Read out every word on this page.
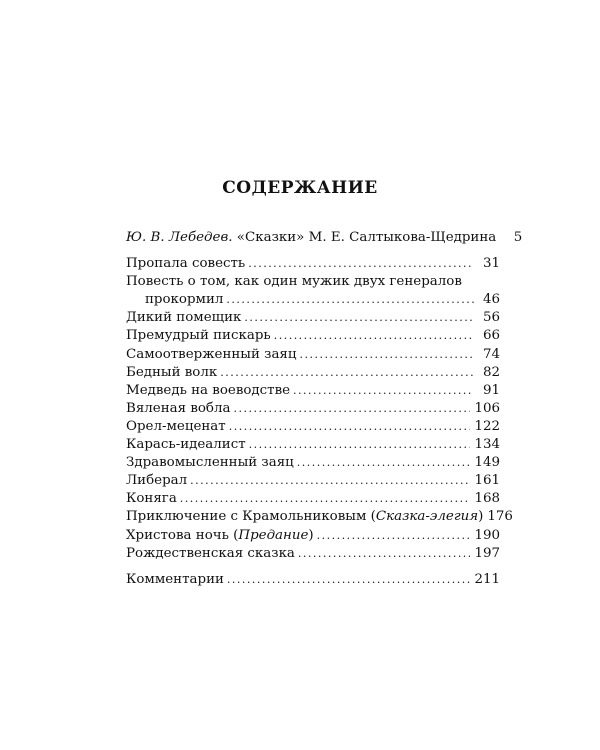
СОДЕРЖАНИЕ
Ю. В. Лебедев. «Сказки» М. Е. Салтыкова-Щедрина	5
Пропала совесть .....	31
Повесть о том, как один мужик двух генералов
прокормил .....	46
Дикий помещик .....	56
Премудрый пискарь .....	66
Самоотверженный заяц .....	74
Бедный волк .....	82
Медведь на воеводстве .....	91
Вяленая вобла .....	106
Орел-меценат .....	122
Карась-идеалист .....	134
Здравомысленный заяц .....	149
Либерал .....	161
Коняга .....	168
Приключение с Крамольниковым (Сказка-элегия) 176
Христова ночь (Предание) .....	190
Рождественская сказка .....	197
Комментарии .....	211
